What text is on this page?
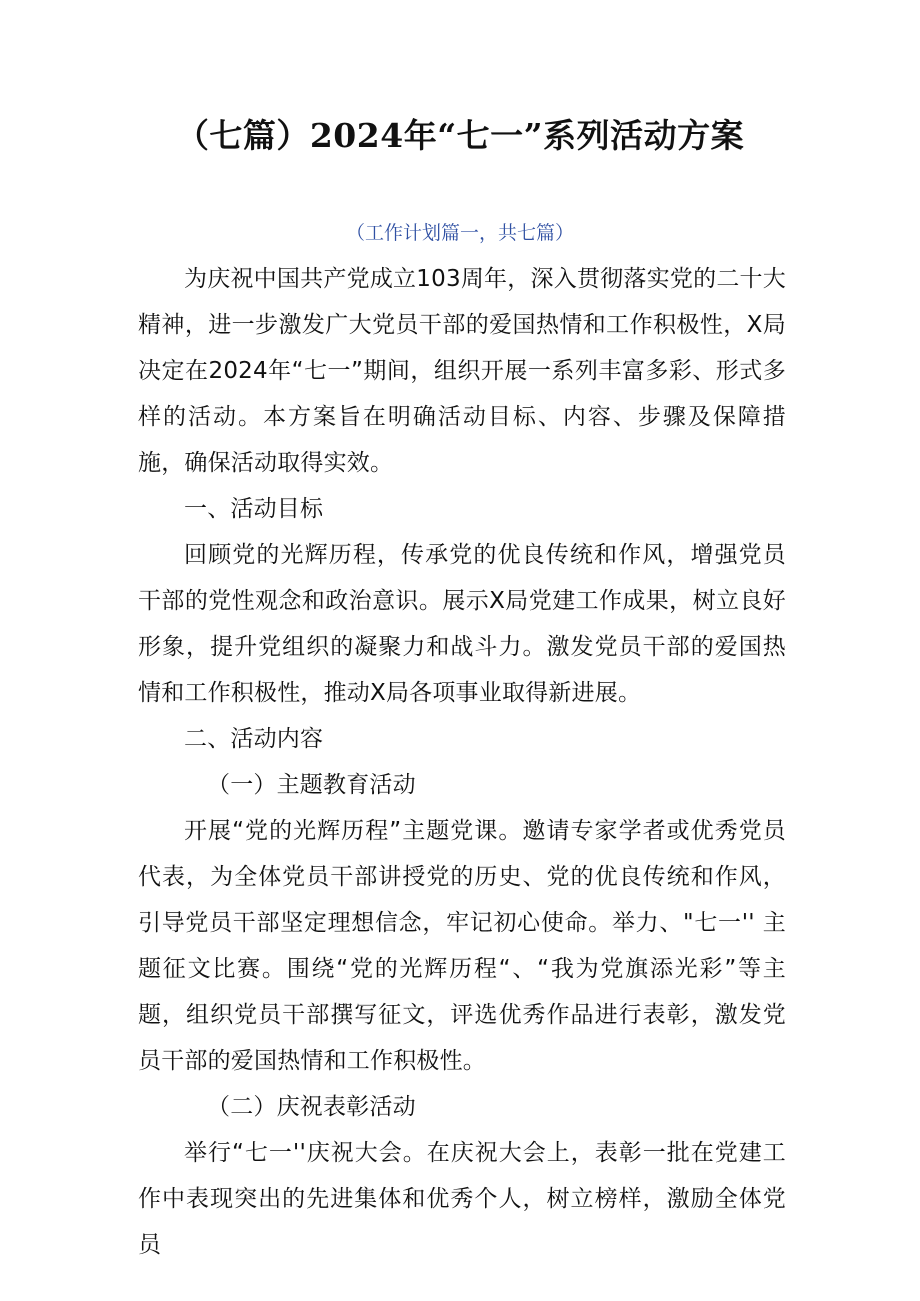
（七篇）2024年“七一”系列活动方案
（工作计划篇一，共七篇）

为庆祝中国共产党成立103周年，深入贯彻落实党的二十大精神，进一步激发广大党员干部的爱国热情和工作积极性，X局决定在2024年“七一”期间，组织开展一系列丰富多彩、形式多样的活动。本方案旨在明确活动目标、内容、步骤及保障措施，确保活动取得实效。

一、活动目标

回顾党的光辉历程，传承党的优良传统和作风，增强党员干部的党性观念和政治意识。展示X局党建工作成果，树立良好形象，提升党组织的凝聚力和战斗力。激发党员干部的爱国热情和工作积极性，推动X局各项事业取得新进展。

二、活动内容

（一）主题教育活动

开展“党的光辉历程”主题党课。邀请专家学者或优秀党员代表，为全体党员干部讲授党的历史、党的优良传统和作风，引导党员干部坚定理想信念，牢记初心使命。举力、"七一'' 主题征文比赛。围绕“党的光辉历程“、“我为党旗添光彩”等主题，组织党员干部撰写征文，评选优秀作品进行表彰，激发党员干部的爱国热情和工作积极性。

（二）庆祝表彰活动

举行“七一''庆祝大会。在庆祝大会上，表彰一批在党建工作中表现突出的先进集体和优秀个人，树立榜样，激励全体党员
